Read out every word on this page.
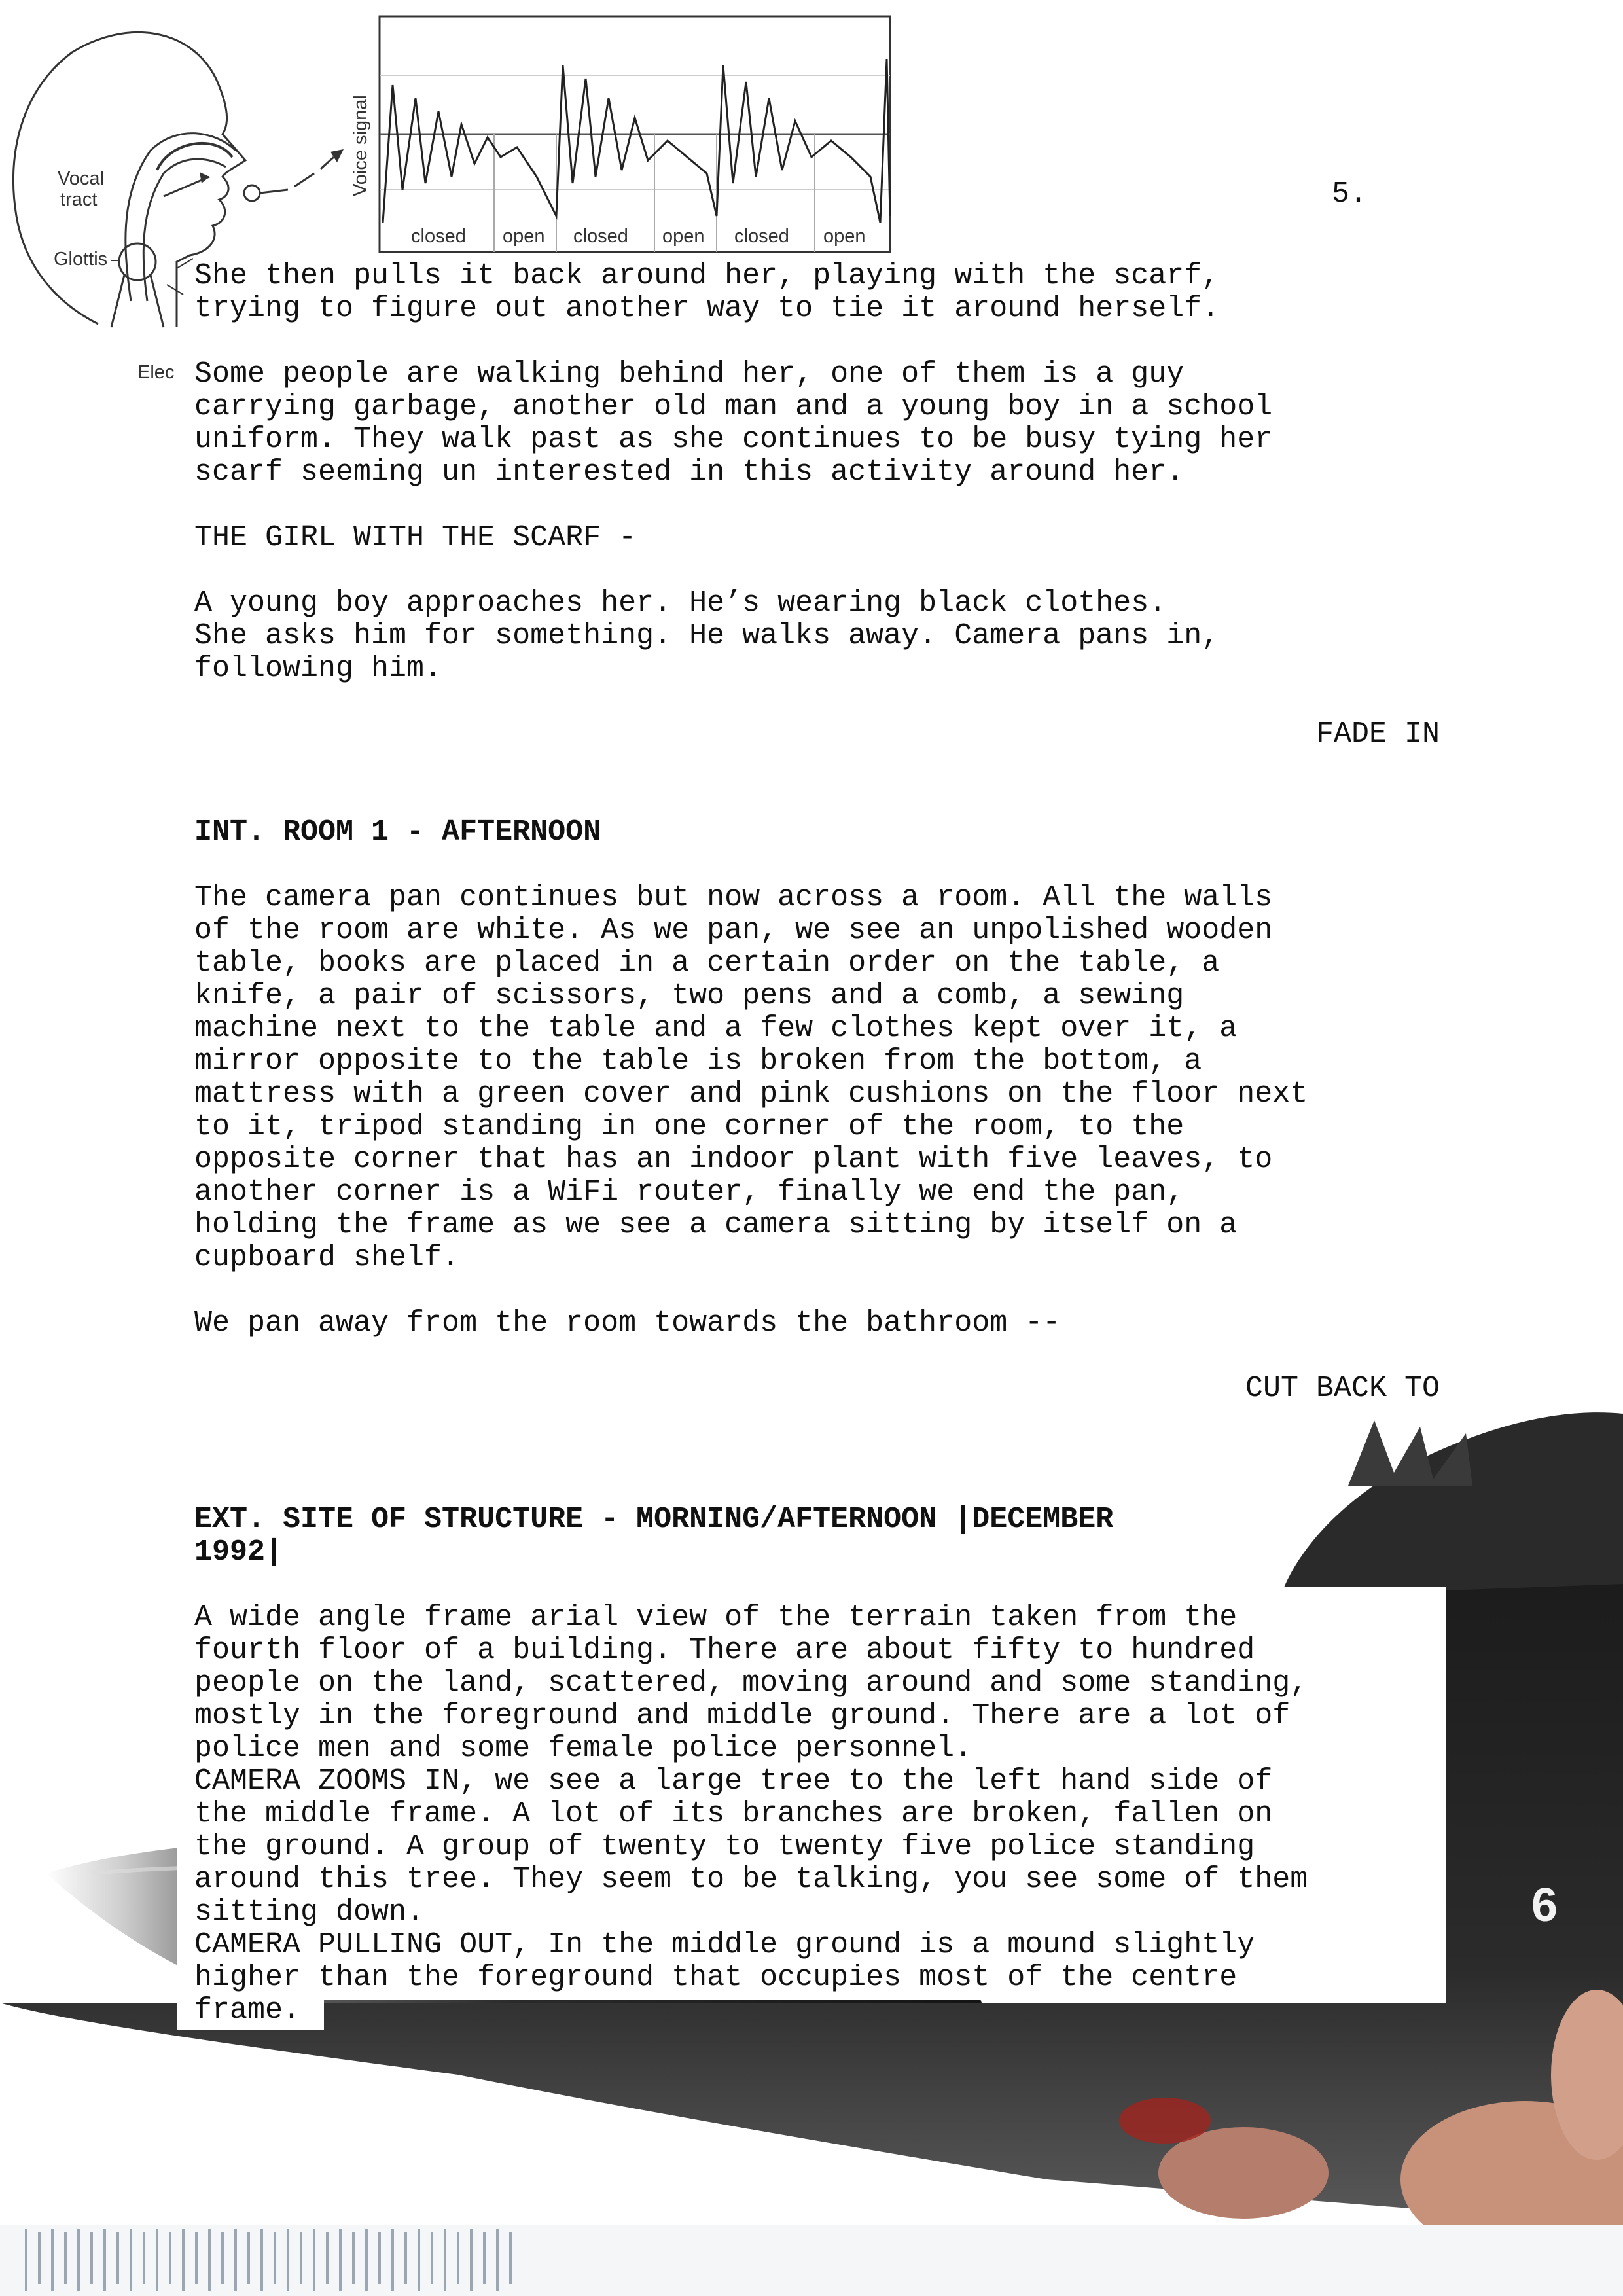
6
Vocal
tract
Glottis
Elec
Voice signal
closed open closed open closed open
5.
She then pulls it back around her, playing with the scarf,
trying to figure out another way to tie it around herself.
Some people are walking behind her, one of them is a guy
carrying garbage, another old man and a young boy in a school
uniform. They walk past as she continues to be busy tying her
scarf seeming un interested in this activity around her.
THE GIRL WITH THE SCARF -
A young boy approaches her. He’s wearing black clothes.
She asks him for something. He walks away. Camera pans in,
following him.
FADE IN
INT. ROOM 1 - AFTERNOON
The camera pan continues but now across a room. All the walls
of the room are white. As we pan, we see an unpolished wooden
table, books are placed in a certain order on the table, a
knife, a pair of scissors, two pens and a comb, a sewing
machine next to the table and a few clothes kept over it, a
mirror opposite to the table is broken from the bottom, a
mattress with a green cover and pink cushions on the floor next
to it, tripod standing in one corner of the room, to the
opposite corner that has an indoor plant with five leaves, to
another corner is a WiFi router, finally we end the pan,
holding the frame as we see a camera sitting by itself on a
cupboard shelf.
We pan away from the room towards the bathroom --
CUT BACK TO
EXT. SITE OF STRUCTURE - MORNING/AFTERNOON |DECEMBER
1992|
A wide angle frame arial view of the terrain taken from the
fourth floor of a building. There are about fifty to hundred
people on the land, scattered, moving around and some standing,
mostly in the foreground and middle ground. There are a lot of
police men and some female police personnel.
CAMERA ZOOMS IN, we see a large tree to the left hand side of
the middle frame. A lot of its branches are broken, fallen on
the ground. A group of twenty to twenty five police standing
around this tree. They seem to be talking, you see some of them
sitting down.
CAMERA PULLING OUT, In the middle ground is a mound slightly
higher than the foreground that occupies most of the centre
frame.
